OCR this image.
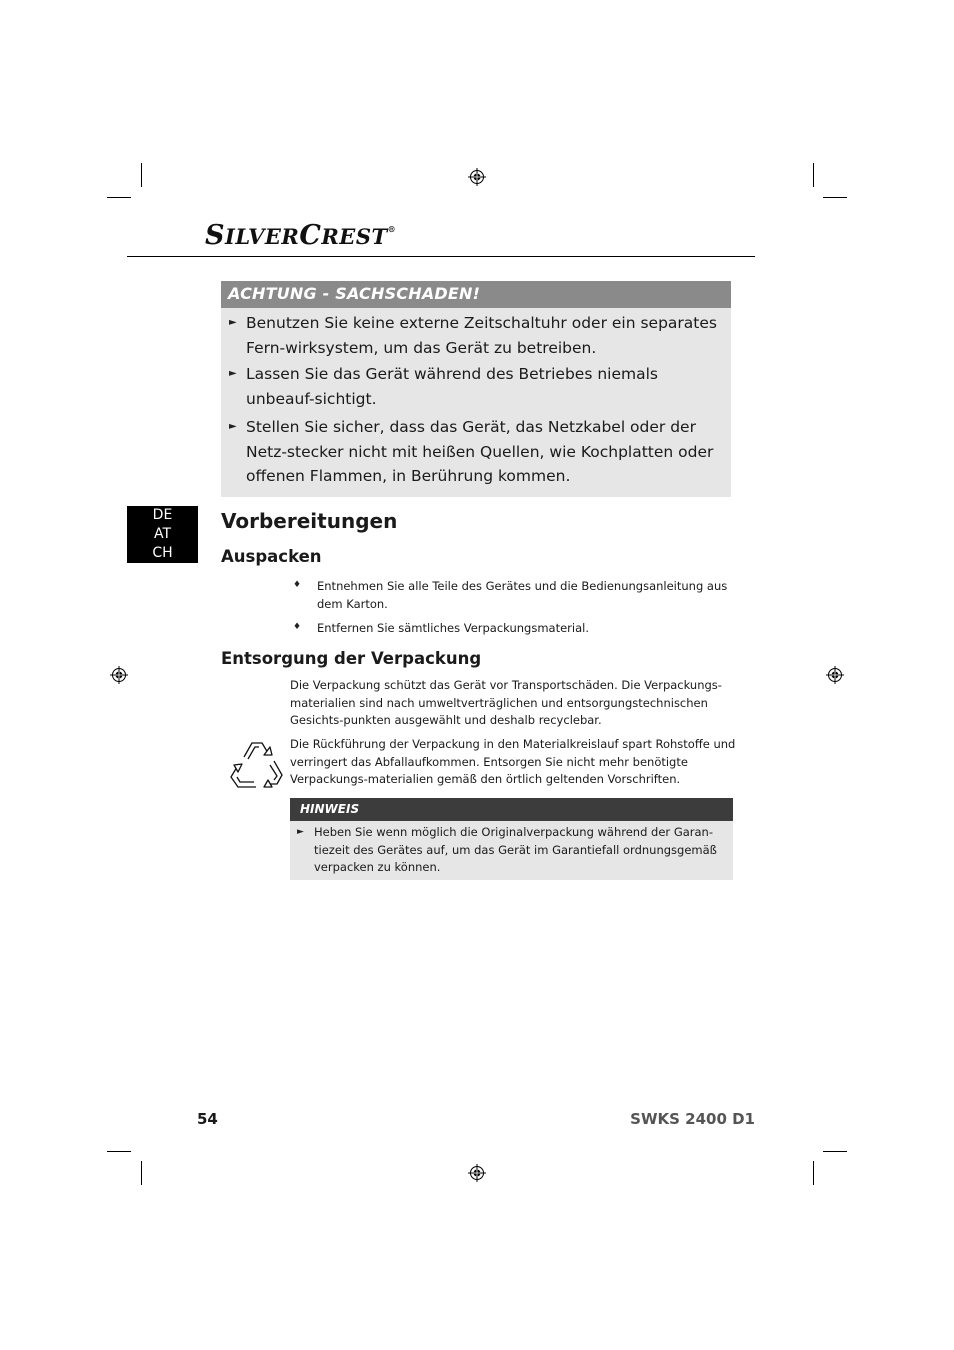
SILVERCREST®
ACHTUNG - SACHSCHADEN!
► Benutzen Sie keine externe Zeitschaltuhr oder ein separates Fern-wirksystem, um das Gerät zu betreiben.
► Lassen Sie das Gerät während des Betriebes niemals unbeauf-sichtigt.
► Stellen Sie sicher, dass das Gerät, das Netzkabel oder der Netz-stecker nicht mit heißen Quellen, wie Kochplatten oder offenen Flammen, in Berührung kommen.
DE
AT
CH
Vorbereitungen
Auspacken
♦ Entnehmen Sie alle Teile des Gerätes und die Bedienungsanleitung aus dem Karton.
♦ Entfernen Sie sämtliches Verpackungsmaterial.
Entsorgung der Verpackung
Die Verpackung schützt das Gerät vor Transportschäden. Die Verpackungs-materialien sind nach umweltverträglichen und entsorgungstechnischen Gesichts-punkten ausgewählt und deshalb recyclebar.
Die Rückführung der Verpackung in den Materialkreislauf spart Rohstoffe und verringert das Abfallaufkommen. Entsorgen Sie nicht mehr benötigte Verpackungs-materialien gemäß den örtlich geltenden Vorschriften.
HINWEIS
► Heben Sie wenn möglich die Originalverpackung während der Garan-tiezeit des Gerätes auf, um das Gerät im Garantiefall ordnungsgemäß verpacken zu können.
54	SWKS 2400 D1
